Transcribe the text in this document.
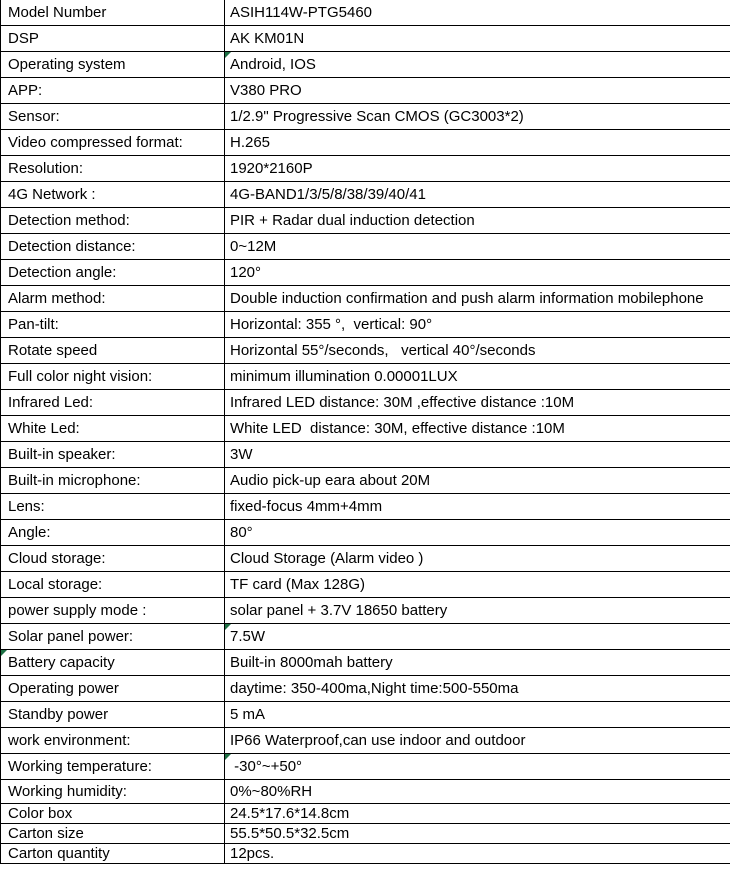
Model Number	ASIH114W-PTG5460
DSP	AK KM01N
Operating system	Android, IOS
APP:	V380 PRO
Sensor:	1/2.9" Progressive Scan CMOS (GC3003*2)
Video compressed format:	H.265
Resolution:	1920*2160P
4G Network :	4G-BAND1/3/5/8/38/39/40/41
Detection method:	PIR + Radar dual induction detection
Detection distance:	0~12M
Detection angle:	120°
Alarm method:	Double induction confirmation and push alarm information mobilephone
Pan-tilt:	Horizontal: 355 °,  vertical: 90°
Rotate speed	Horizontal 55°/seconds,   vertical 40°/seconds
Full color night vision:	minimum illumination 0.00001LUX
Infrared Led:	Infrared LED distance: 30M ,effective distance :10M
White Led:	White LED  distance: 30M, effective distance :10M
Built-in speaker:	3W
Built-in microphone:	Audio pick-up eara about 20M
Lens:	fixed-focus 4mm+4mm
Angle:	80°
Cloud storage:	Cloud Storage (Alarm video )
Local storage:	TF card (Max 128G)
power supply mode :	solar panel + 3.7V 18650 battery
Solar panel power:	7.5W
Battery capacity	Built-in 8000mah battery
Operating power	daytime: 350-400ma,Night time:500-550ma
Standby power	5 mA
work environment:	IP66 Waterproof,can use indoor and outdoor
Working temperature:	-30°~+50°
Working humidity:	0%~80%RH
Color box	24.5*17.6*14.8cm
Carton size	55.5*50.5*32.5cm
Carton quantity	12pcs.
